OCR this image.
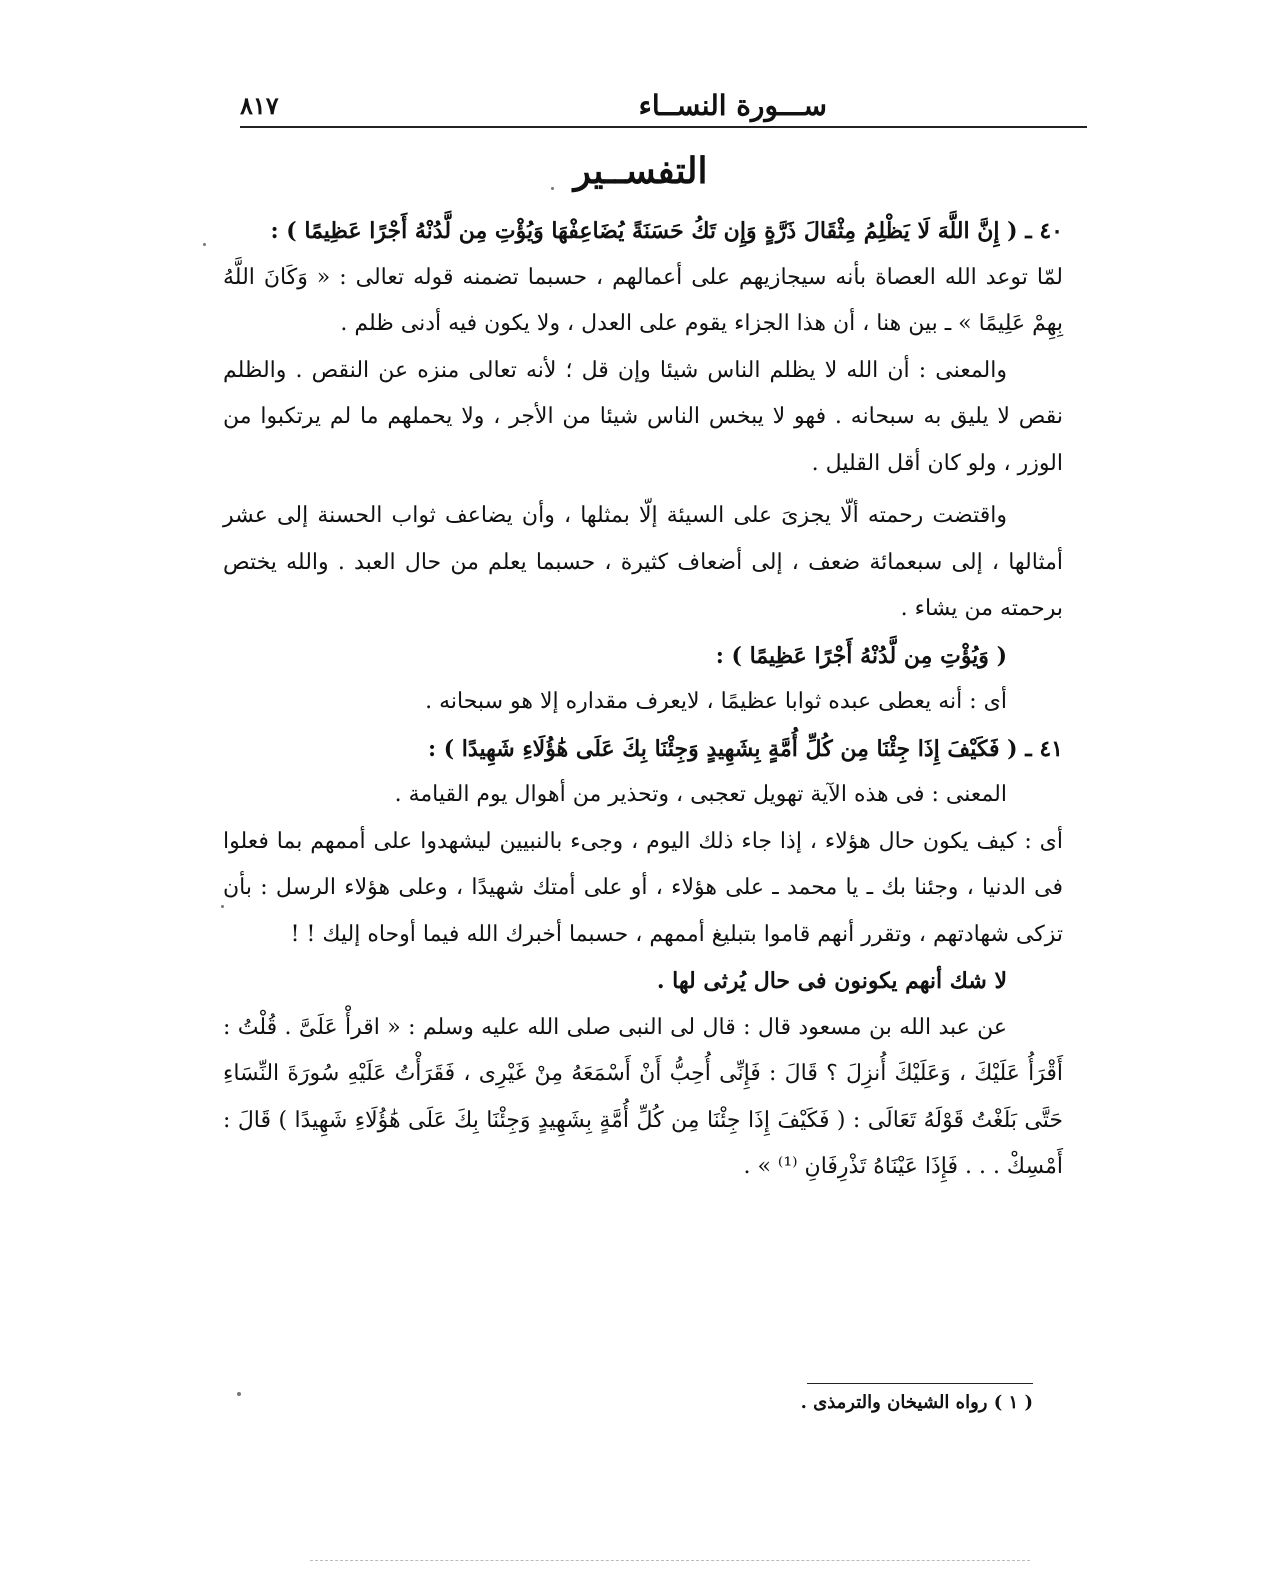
ســـورة النســاء
٨١٧
التفســير

٤٠ ـ ( إِنَّ اللَّهَ لَا يَظْلِمُ مِثْقَالَ ذَرَّةٍ وَإِن تَكُ حَسَنَةً يُضَاعِفْهَا وَيُؤْتِ مِن لَّدُنْهُ أَجْرًا عَظِيمًا ) :

لمّا توعد الله العصاة بأنه سيجازيهم على أعمالهم ، حسبما تضمنه قوله تعالى : « وَكَانَ اللَّهُ بِهِمْ عَلِيمًا » ـ بين هنا ، أن هذا الجزاء يقوم على العدل ، ولا يكون فيه أدنى ظلم .

والمعنى : أن الله لا يظلم الناس شيئا وإن قل ؛ لأنه تعالى منزه عن النقص . والظلم نقص لا يليق به سبحانه . فهو لا يبخس الناس شيئا من الأجر ، ولا يحملهم ما لم يرتكبوا من الوزر ، ولو كان أقل القليل .

واقتضت رحمته ألّا يجزىَ على السيئة إلّا بمثلها ، وأن يضاعف ثواب الحسنة إلى عشر أمثالها ، إلى سبعمائة ضعف ، إلى أضعاف كثيرة ، حسبما يعلم من حال العبد . والله يختص برحمته من يشاء .

( وَيُؤْتِ مِن لَّدُنْهُ أَجْرًا عَظِيمًا ) :

أى : أنه يعطى عبده ثوابا عظيمًا ، لايعرف مقداره إلا هو سبحانه .

٤١ ـ ( فَكَيْفَ إِذَا جِئْنَا مِن كُلِّ أُمَّةٍ بِشَهِيدٍ وَجِئْنَا بِكَ عَلَى هَٰؤُلَاءِ شَهِيدًا ) :

المعنى : فى هذه الآية تهويل تعجبى ، وتحذير من أهوال يوم القيامة .

أى : كيف يكون حال هؤلاء ، إذا جاء ذلك اليوم ، وجىء بالنبيين ليشهدوا على أممهم بما فعلوا فى الدنيا ، وجئنا بك ـ يا محمد ـ على هؤلاء ، أو على أمتك شهيدًا ، وعلى هؤلاء الرسل : بأن تزكى شهادتهم ، وتقرر أنهم قاموا بتبليغ أممهم ، حسبما أخبرك الله فيما أوحاه إليك ! !

لا شك أنهم يكونون فى حال يُرثى لها .

عن عبد الله بن مسعود قال : قال لى النبى صلى الله عليه وسلم : « اقرأْ عَلَىَّ . قُلْتُ : أَقْرَأُ عَلَيْكَ ، وَعَلَيْكَ أُنزِلَ ؟ قَالَ : فَإِنِّى أُحِبُّ أَنْ أَسْمَعَهُ مِنْ غَيْرِى ، فَقَرَأْتُ عَلَيْهِ سُورَةَ النِّسَاءِ حَتَّى بَلَغْتُ قَوْلَهُ تَعَالَى : ( فَكَيْفَ إِذَا جِئْنَا مِن كُلِّ أُمَّةٍ بِشَهِيدٍ وَجِئْنَا بِكَ عَلَى هَٰؤُلَاءِ شَهِيدًا ) قَالَ : أَمْسِكْ . . . فَإِذَا عَيْنَاهُ تَذْرِفَانِ ⁽¹⁾ » .

( ١ ) رواه الشيخان والترمذى .
